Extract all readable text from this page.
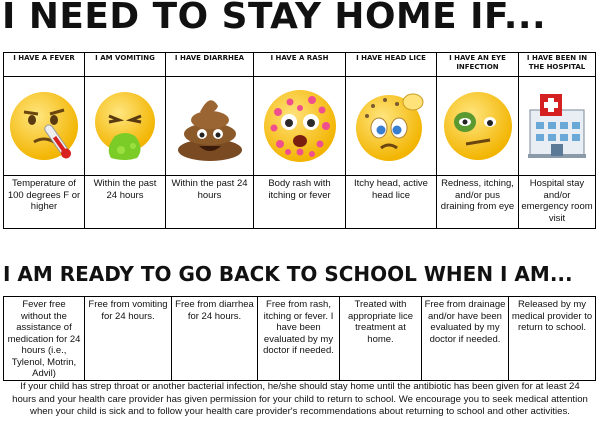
I NEED TO STAY HOME IF...
I HAVE A FEVER	I AM VOMITING	I HAVE DIARRHEA	I HAVE A RASH	I HAVE HEAD LICE	I HAVE AN EYE INFECTION	I HAVE BEEN IN THE HOSPITAL

Temperature of 100 degrees F or higher	Within the past 24 hours	Within the past 24 hours	Body rash with itching or fever	Itchy head, active head lice	Redness, itching, and/or pus draining from eye	Hospital stay and/or emergency room visit
I AM READY TO GO BACK TO SCHOOL WHEN I AM...
Fever free without the assistance of medication for 24 hours (i.e., Tylenol, Motrin, Advil)	Free from vomiting for 24 hours.	Free from diarrhea for 24 hours.	Free from rash, itching or fever. I have been evaluated by my doctor if needed.	Treated with appropriate lice treatment at home.	Free from drainage and/or have been evaluated by my doctor if needed.	Released by my medical provider to return to school.
If your child has strep throat or another bacterial infection, he/she should stay home until the antibiotic has been given for at least 24 hours and your health care provider has given permission for your child to return to school. We encourage you to seek medical attention when your child is sick and to follow your health care provider's recommendations about returning to school and other activities.
